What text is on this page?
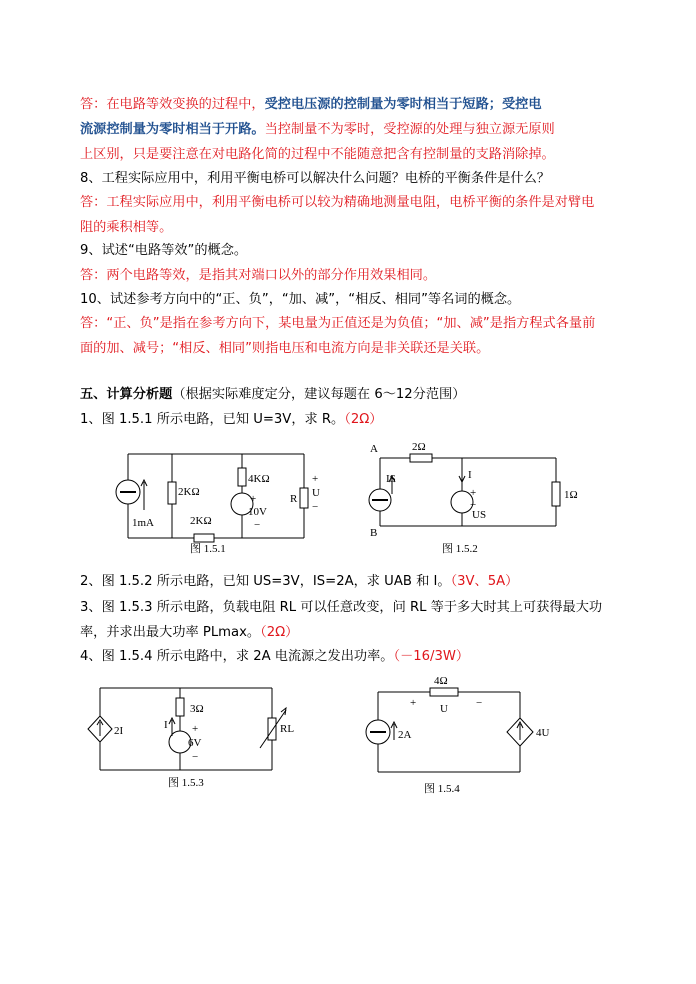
答：在电路等效变换的过程中，受控电压源的控制量为零时相当于短路；受控电
流源控制量为零时相当于开路。当控制量不为零时，受控源的处理与独立源无原则
上区别，只是要注意在对电路化简的过程中不能随意把含有控制量的支路消除掉。
8、工程实际应用中，利用平衡电桥可以解决什么问题？电桥的平衡条件是什么？
答：工程实际应用中，利用平衡电桥可以较为精确地测量电阻，电桥平衡的条件是对臂电
阻的乘积相等。
9、试述“电路等效”的概念。
答：两个电路等效，是指其对端口以外的部分作用效果相同。
10、试述参考方向中的“正、负”，“加、减”，“相反、相同”等名词的概念。
答：“正、负”是指在参考方向下，某电量为正值还是为负值；“加、减”是指方程式各量前
面的加、减号；“相反、相同”则指电压和电流方向是非关联还是关联。
五、计算分析题（根据实际难度定分，建议每题在 6～12分范围）
1、图 1.5.1 所示电路，已知 U=3V，求 R。（2Ω）
2KΩ
4KΩ
+
10V
−
R
+
U
−
1mA	2KΩ
图 1.5.1
A	2Ω
IS	I
+
−
US
1Ω
B
图 1.5.2
2、图 1.5.2 所示电路，已知 US=3V，IS=2A，求 UAB 和 I。（3V、5A）
3、图 1.5.3 所示电路，负载电阻 RL 可以任意改变，问 RL 等于多大时其上可获得最大功
率，并求出最大功率 PLmax。（2Ω）
4、图 1.5.4 所示电路中，求 2A 电流源之发出功率。（－16/3W）
2I
3Ω
I +
6V
−
RL
图 1.5.3
4Ω
+	−
U
2A	4U
图 1.5.4
